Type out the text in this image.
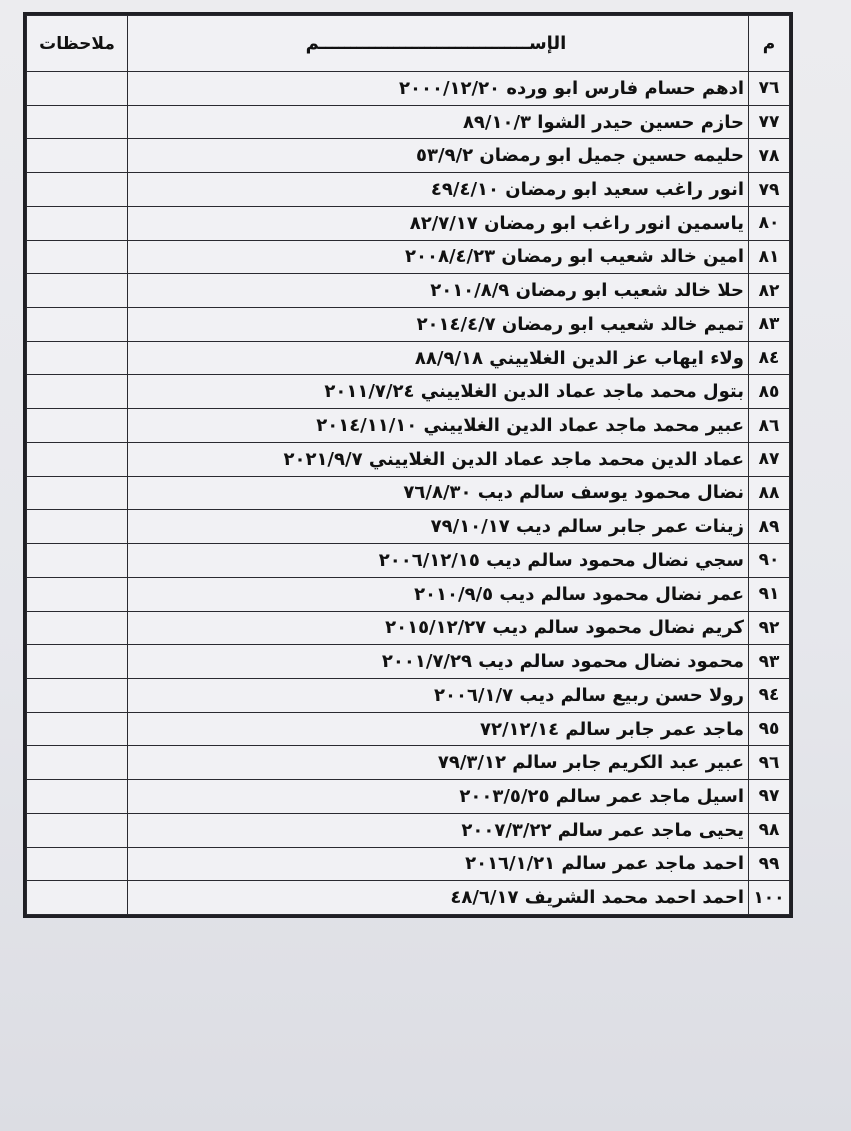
م	الإســــــــــــــــــــــــــــــــــم	ملاحظات
٧٦	ادهم حسام فارس ابو ورده ٢٠٠٠/١٢/٢٠	
٧٧	حازم حسين حيدر الشوا ٨٩/١٠/٣	
٧٨	حليمه حسين جميل ابو رمضان ٥٣/٩/٢	
٧٩	انور راغب سعيد ابو رمضان ٤٩/٤/١٠	
٨٠	ياسمين انور راغب ابو رمضان ٨٢/٧/١٧	
٨١	امين خالد شعيب ابو رمضان ٢٠٠٨/٤/٢٣	
٨٢	حلا خالد شعيب ابو رمضان ٢٠١٠/٨/٩	
٨٣	تميم خالد شعيب ابو رمضان ٢٠١٤/٤/٧	
٨٤	ولاء ايهاب عز الدين الغلاييني ٨٨/٩/١٨	
٨٥	بتول محمد ماجد عماد الدين الغلاييني ٢٠١١/٧/٢٤	
٨٦	عبير محمد ماجد عماد الدين الغلاييني ٢٠١٤/١١/١٠	
٨٧	عماد الدين محمد ماجد عماد الدين الغلاييني ٢٠٢١/٩/٧	
٨٨	نضال محمود يوسف سالم ديب ٧٦/٨/٣٠	
٨٩	زينات عمر جابر سالم ديب ٧٩/١٠/١٧	
٩٠	سجي نضال محمود سالم ديب ٢٠٠٦/١٢/١٥	
٩١	عمر نضال محمود سالم ديب ٢٠١٠/٩/٥	
٩٢	كريم نضال محمود سالم ديب ٢٠١٥/١٢/٢٧	
٩٣	محمود نضال محمود سالم ديب ٢٠٠١/٧/٢٩	
٩٤	رولا حسن ربيع سالم ديب ٢٠٠٦/١/٧	
٩٥	ماجد عمر جابر سالم ٧٢/١٢/١٤	
٩٦	عبير عبد الكريم جابر سالم ٧٩/٣/١٢	
٩٧	اسيل ماجد عمر سالم ٢٠٠٣/٥/٢٥	
٩٨	يحيى ماجد عمر سالم ٢٠٠٧/٣/٢٢	
٩٩	احمد ماجد عمر سالم ٢٠١٦/١/٢١	
١٠٠	احمد احمد محمد الشريف ٤٨/٦/١٧	
